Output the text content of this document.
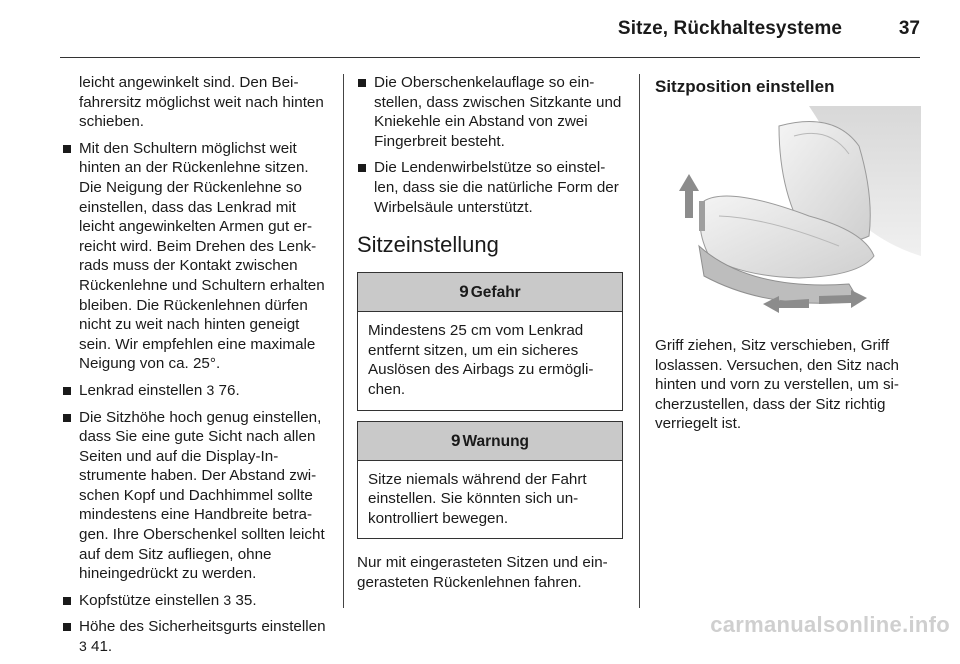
Sitze, Rückhaltesysteme	37

leicht angewinkelt sind. Den Beifahrersitz möglichst weit nach hinten schieben.

Mit den Schultern möglichst weit hinten an der Rückenlehne sitzen. Die Neigung der Rückenlehne so einstellen, dass das Lenkrad mit leicht angewinkelten Armen gut erreicht wird. Beim Drehen des Lenkrads muss der Kontakt zwischen Rückenlehne und Schultern erhalten bleiben. Die Rückenlehnen dürfen nicht zu weit nach hinten geneigt sein. Wir empfehlen eine maximale Neigung von ca. 25°.
Lenkrad einstellen 3 76.
Die Sitzhöhe hoch genug einstellen, dass Sie eine gute Sicht nach allen Seiten und auf die Display-Instrumente haben. Der Abstand zwischen Kopf und Dachhimmel sollte mindestens eine Handbreite betragen. Ihre Oberschenkel sollten leicht auf dem Sitz aufliegen, ohne hineingedrückt zu werden.
Kopfstütze einstellen 3 35.
Höhe des Sicherheitsgurts einstellen 3 41.
Die Oberschenkelauflage so einstellen, dass zwischen Sitzkante und Kniekehle ein Abstand von zwei Fingerbreit besteht.
Die Lendenwirbelstütze so einstellen, dass sie die natürliche Form der Wirbelsäule unterstützt.
Sitzeinstellung
9 Gefahr
Mindestens 25 cm vom Lenkrad entfernt sitzen, um ein sicheres Auslösen des Airbags zu ermöglichen.
9 Warnung
Sitze niemals während der Fahrt einstellen. Sie könnten sich unkontrolliert bewegen.

Nur mit eingerasteten Sitzen und eingerasteten Rückenlehnen fahren.

Sitzposition einstellen

Griff ziehen, Sitz verschieben, Griff loslassen. Versuchen, den Sitz nach hinten und vorn zu verstellen, um sicherzustellen, dass der Sitz richtig verriegelt ist.

carmanualsonline.info
